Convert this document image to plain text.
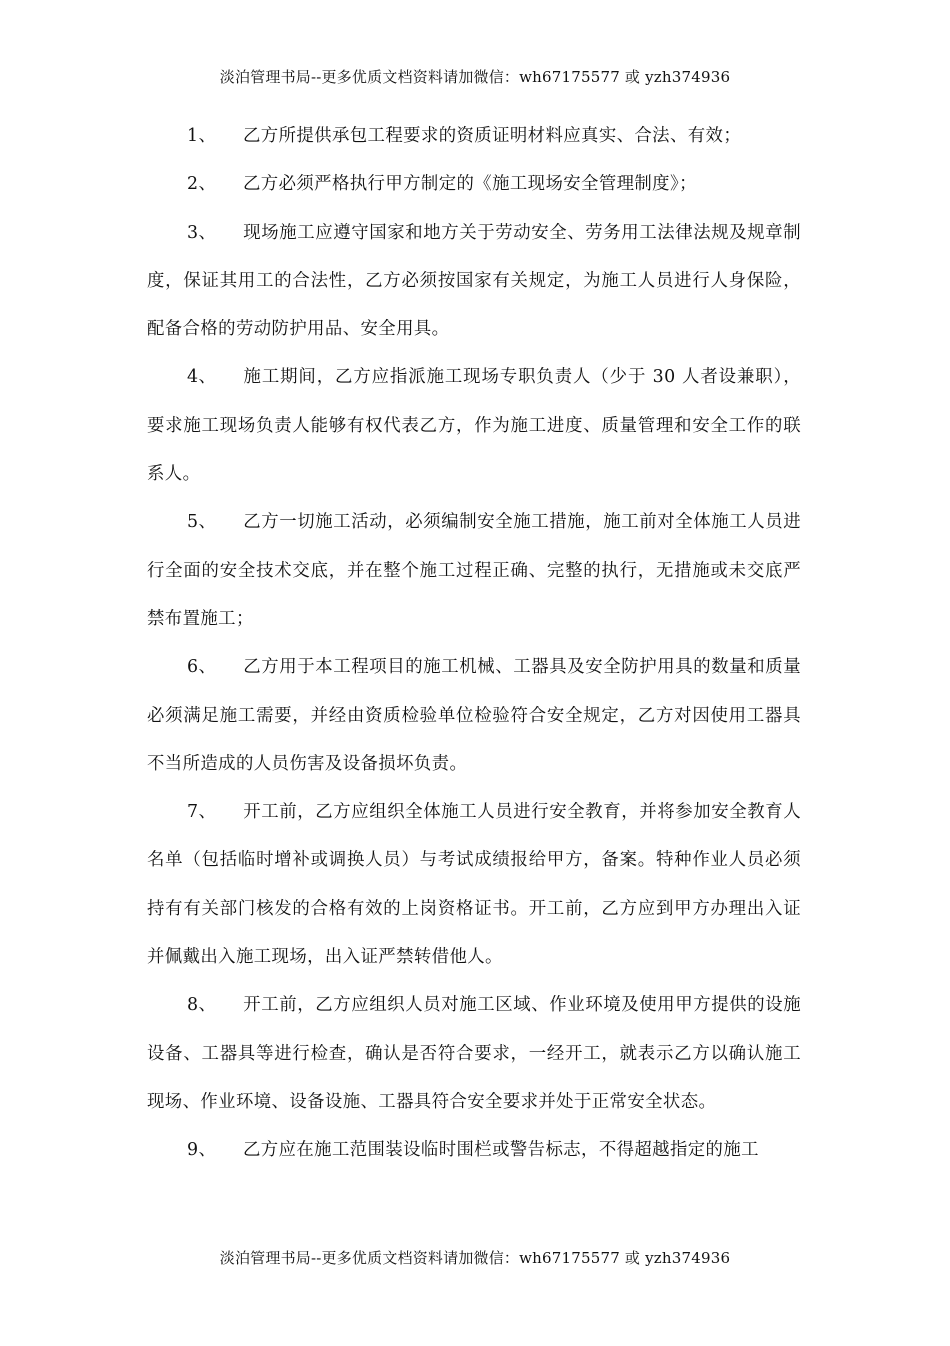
淡泊管理书局--更多优质文档资料请加微信：wh67175577 或 yzh374936

1、 乙方所提供承包工程要求的资质证明材料应真实、合法、有效；

2、 乙方必须严格执行甲方制定的《施工现场安全管理制度》；

3、 现场施工应遵守国家和地方关于劳动安全、劳务用工法律法规及规章制度，保证其用工的合法性，乙方必须按国家有关规定，为施工人员进行人身保险，配备合格的劳动防护用品、安全用具。

4、 施工期间，乙方应指派施工现场专职负责人（少于 30 人者设兼职），要求施工现场负责人能够有权代表乙方，作为施工进度、质量管理和安全工作的联系人。

5、 乙方一切施工活动，必须编制安全施工措施，施工前对全体施工人员进行全面的安全技术交底，并在整个施工过程正确、完整的执行，无措施或未交底严禁布置施工；

6、 乙方用于本工程项目的施工机械、工器具及安全防护用具的数量和质量必须满足施工需要，并经由资质检验单位检验符合安全规定，乙方对因使用工器具不当所造成的人员伤害及设备损坏负责。

7、 开工前，乙方应组织全体施工人员进行安全教育，并将参加安全教育人名单（包括临时增补或调换人员）与考试成绩报给甲方，备案。特种作业人员必须持有有关部门核发的合格有效的上岗资格证书。开工前，乙方应到甲方办理出入证并佩戴出入施工现场，出入证严禁转借他人。

8、 开工前，乙方应组织人员对施工区域、作业环境及使用甲方提供的设施设备、工器具等进行检查，确认是否符合要求，一经开工，就表示乙方以确认施工现场、作业环境、设备设施、工器具符合安全要求并处于正常安全状态。

9、 乙方应在施工范围装设临时围栏或警告标志，不得超越指定的施工

淡泊管理书局--更多优质文档资料请加微信：wh67175577 或 yzh374936
